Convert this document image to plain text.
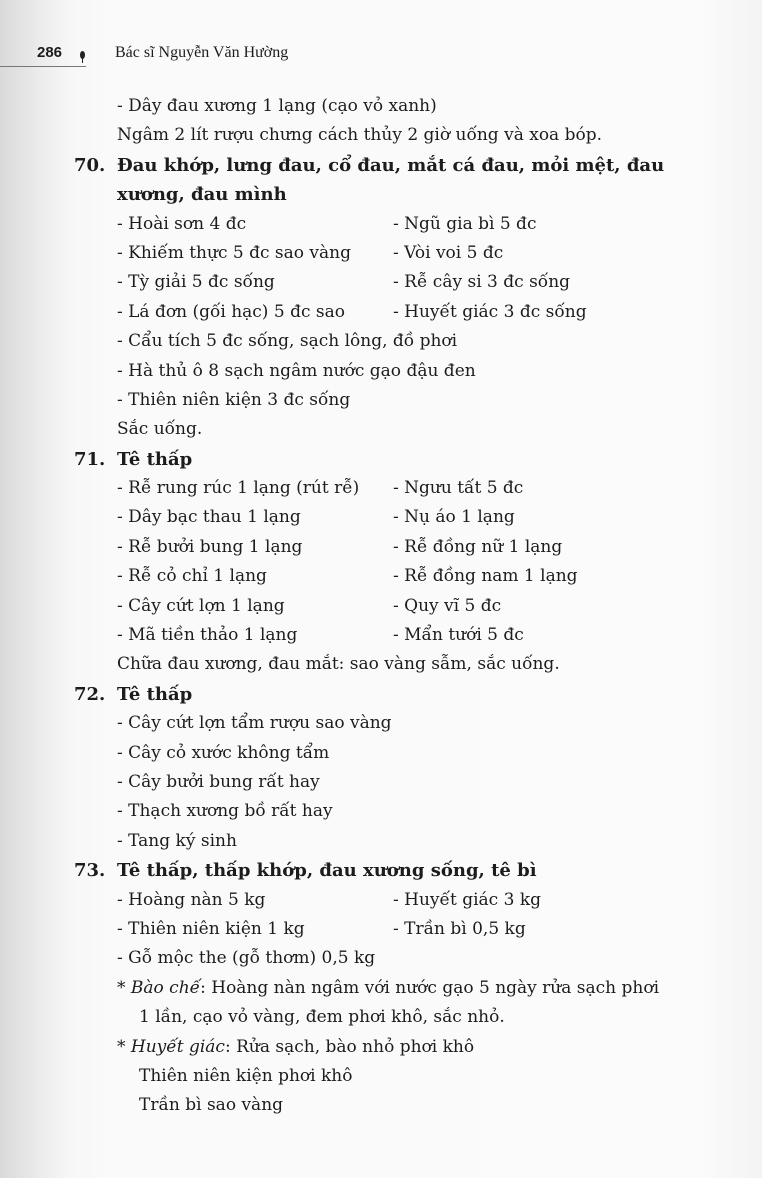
286	Bác sĩ Nguyễn Văn Hường
- Dây đau xương 1 lạng (cạo vỏ xanh)
Ngâm 2 lít rượu chưng cách thủy 2 giờ uống và xoa bóp.
70. Đau khớp, lưng đau, cổ đau, mắt cá đau, mỏi mệt, đau
xương, đau mình
- Hoài sơn 4 đc	- Ngũ gia bì 5 đc
- Khiếm thực 5 đc sao vàng - Vòi voi 5 đc
- Tỳ giải 5 đc sống	- Rễ cây si 3 đc sống
- Lá đơn (gối hạc) 5 đc sao	- Huyết giác 3 đc sống
- Cẩu tích 5 đc sống, sạch lông, đồ phơi
- Hà thủ ô 8 sạch ngâm nước gạo đậu đen
- Thiên niên kiện 3 đc sống
Sắc uống.
71. Tê thấp
- Rễ rung rúc 1 lạng (rút rễ) - Ngưu tất 5 đc
- Dây bạc thau 1 lạng	- Nụ áo 1 lạng
- Rễ bưởi bung 1 lạng	- Rễ đồng nữ 1 lạng
- Rễ cỏ chỉ 1 lạng	- Rễ đồng nam 1 lạng
- Cây cứt lợn 1 lạng	- Quy vĩ 5 đc
- Mã tiền thảo 1 lạng	- Mẩn tưới 5 đc
Chữa đau xương, đau mắt: sao vàng sẫm, sắc uống.
72. Tê thấp
- Cây cứt lợn tẩm rượu sao vàng
- Cây cỏ xước không tẩm
- Cây bưởi bung rất hay
- Thạch xương bồ rất hay
- Tang ký sinh
73. Tê thấp, thấp khớp, đau xương sống, tê bì
- Hoàng nàn 5 kg	- Huyết giác 3 kg
- Thiên niên kiện 1 kg	- Trần bì 0,5 kg
- Gỗ mộc the (gỗ thơm) 0,5 kg
* Bào chế: Hoàng nàn ngâm với nước gạo 5 ngày rửa sạch phơi
1 lần, cạo vỏ vàng, đem phơi khô, sắc nhỏ.
* Huyết giác: Rửa sạch, bào nhỏ phơi khô
Thiên niên kiện phơi khô
Trần bì sao vàng
